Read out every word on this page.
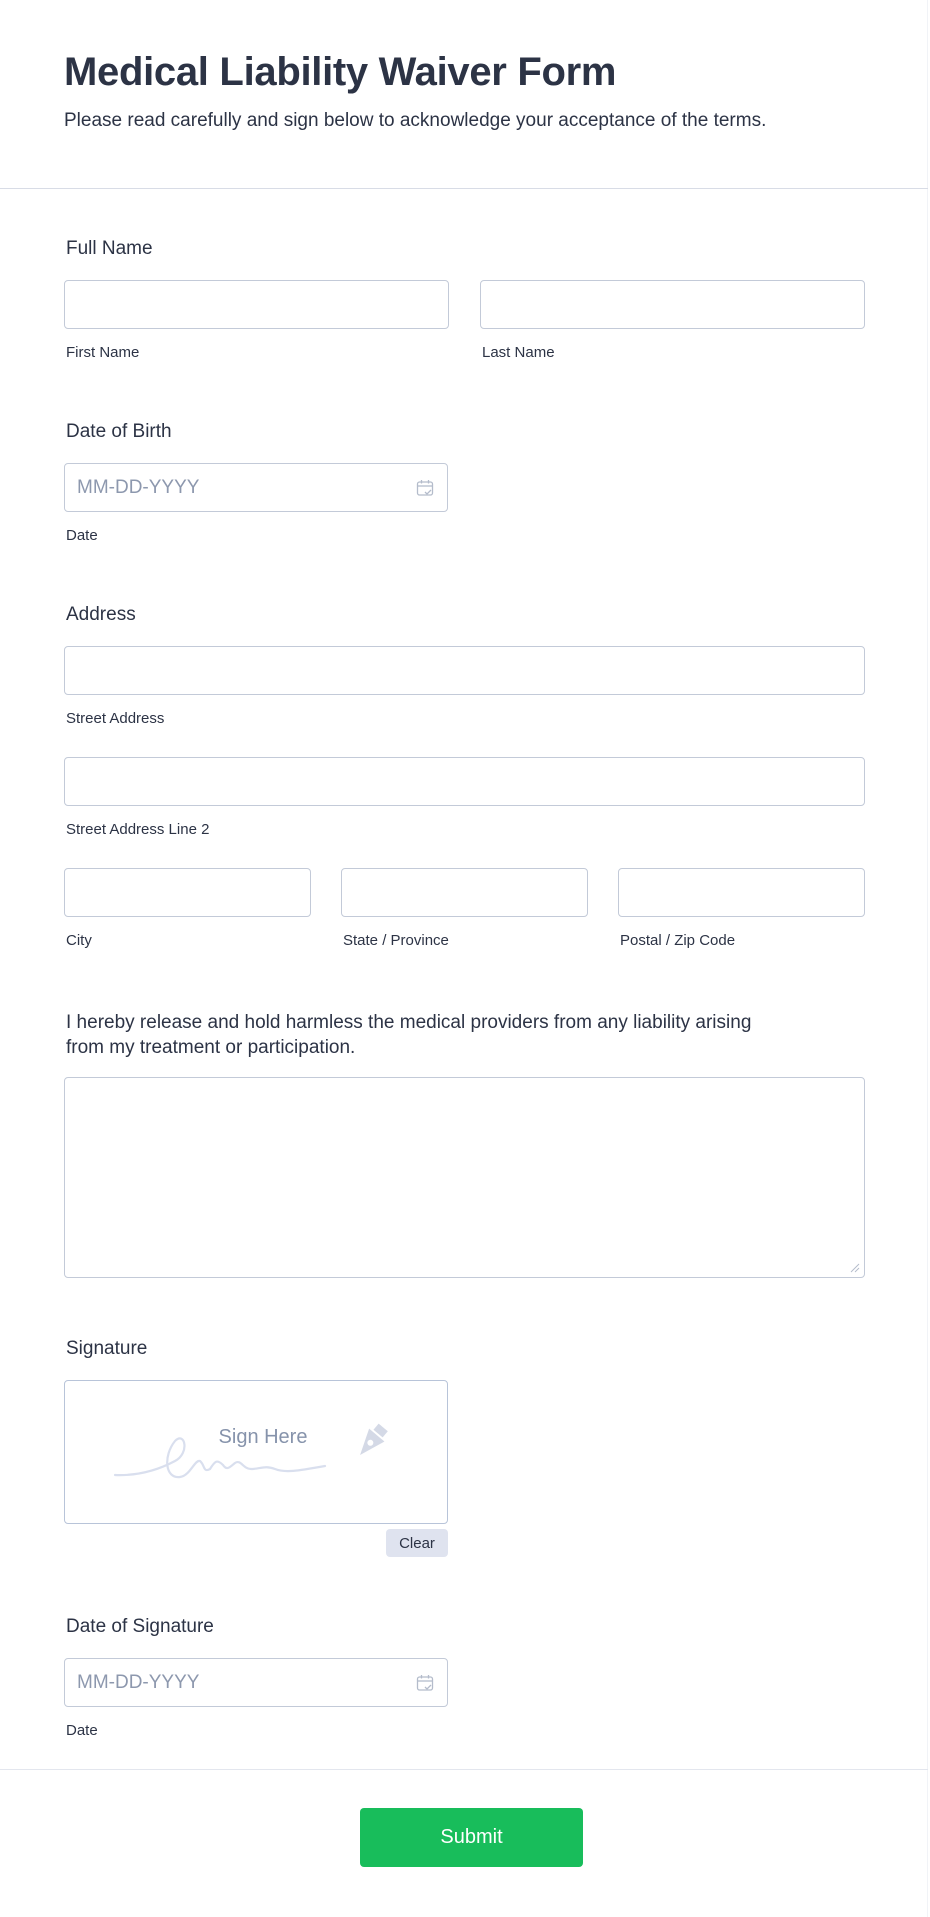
Medical Liability Waiver Form

Please read carefully and sign below to acknowledge your acceptance of the terms.

Full Name
First Name	Last Name
Date of Birth
MM-DD-YYYY
Date
Address
Street Address
Street Address Line 2
City	State / Province	Postal / Zip Code
I hereby release and hold harmless the medical providers from any liability arising
from my treatment or participation.
Signature
Sign Here
Clear
Date of Signature
MM-DD-YYYY
Date
Submit
